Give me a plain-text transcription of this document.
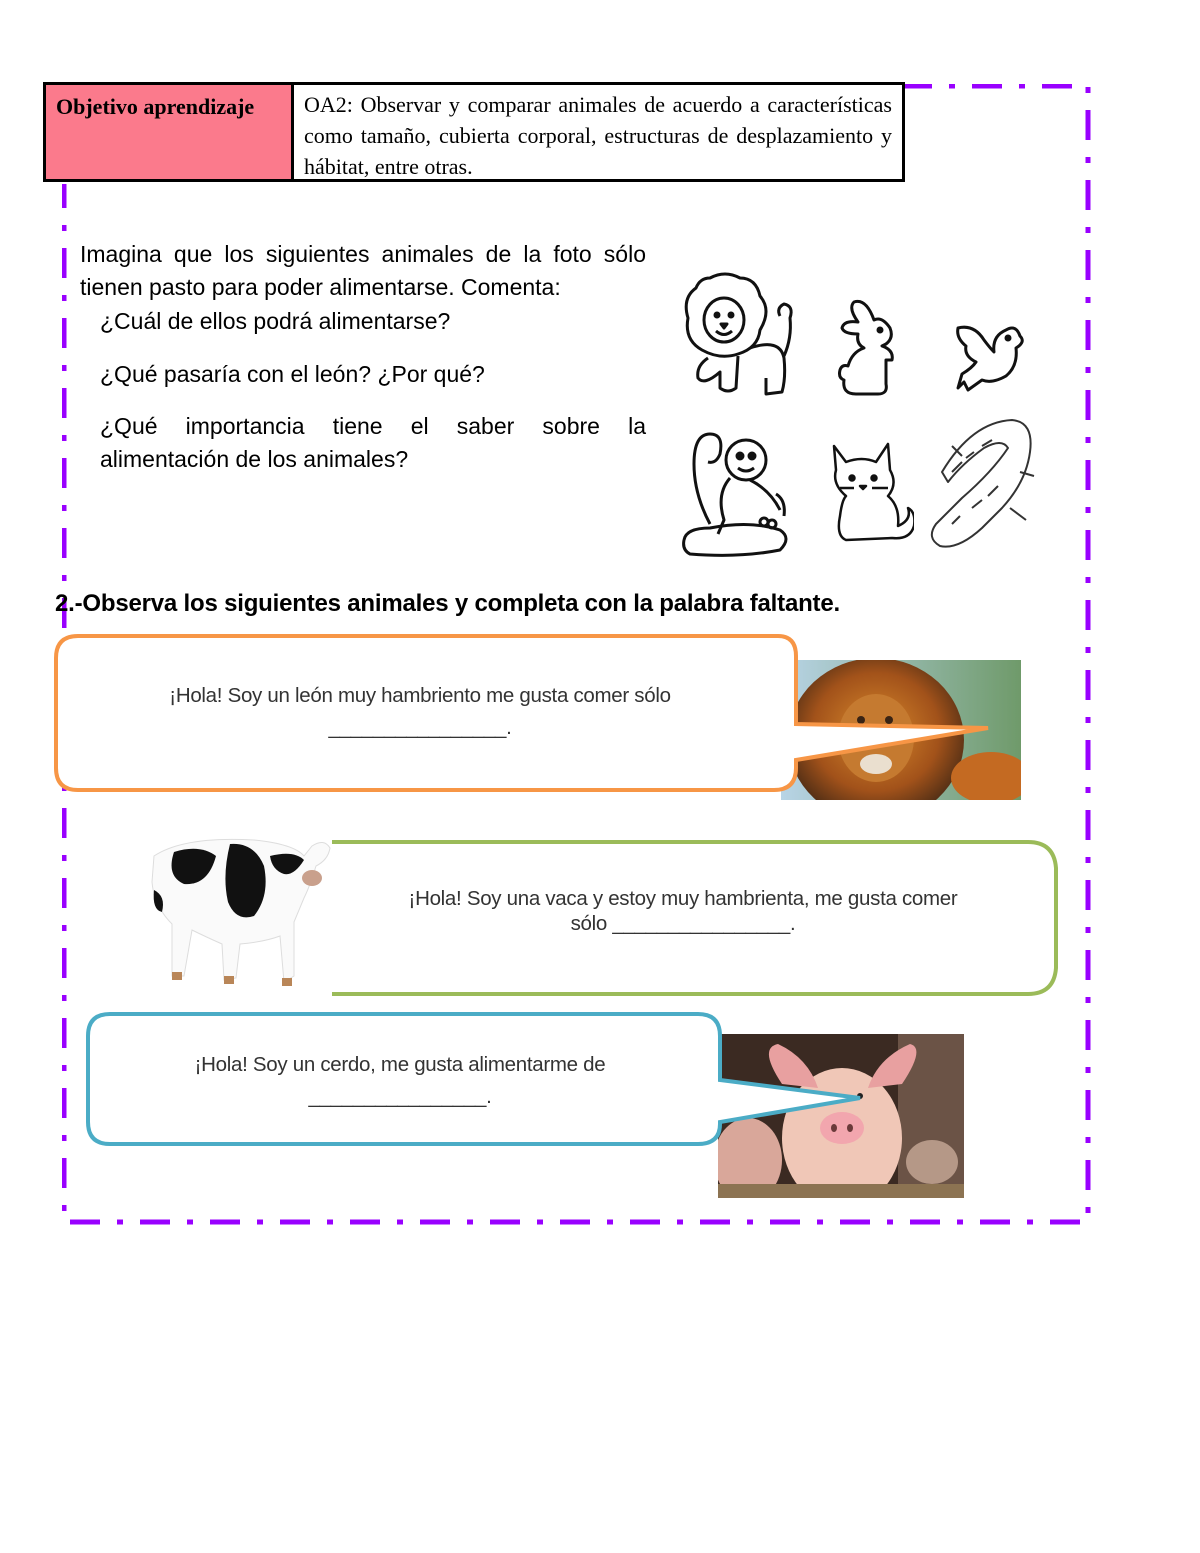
Objetivo aprendizaje	OA2: Observar y comparar animales de acuerdo a características como tamaño, cubierta corporal, estructuras de desplazamiento y hábitat, entre otras.
Imagina que los siguientes animales de la foto sólo tienen pasto para poder alimentarse. Comenta:
¿Cuál de ellos podrá alimentarse?
¿Qué pasaría con el león? ¿Por qué?
¿Qué importancia tiene el saber sobre la alimentación de los animales?
2.-Observa los siguientes animales y completa con la palabra faltante.
¡Hola! Soy un león muy hambriento me gusta comer sólo
________________.
¡Hola! Soy una vaca y estoy muy hambrienta, me gusta comer
sólo ________________.
¡Hola! Soy un cerdo, me gusta alimentarme de
________________.
